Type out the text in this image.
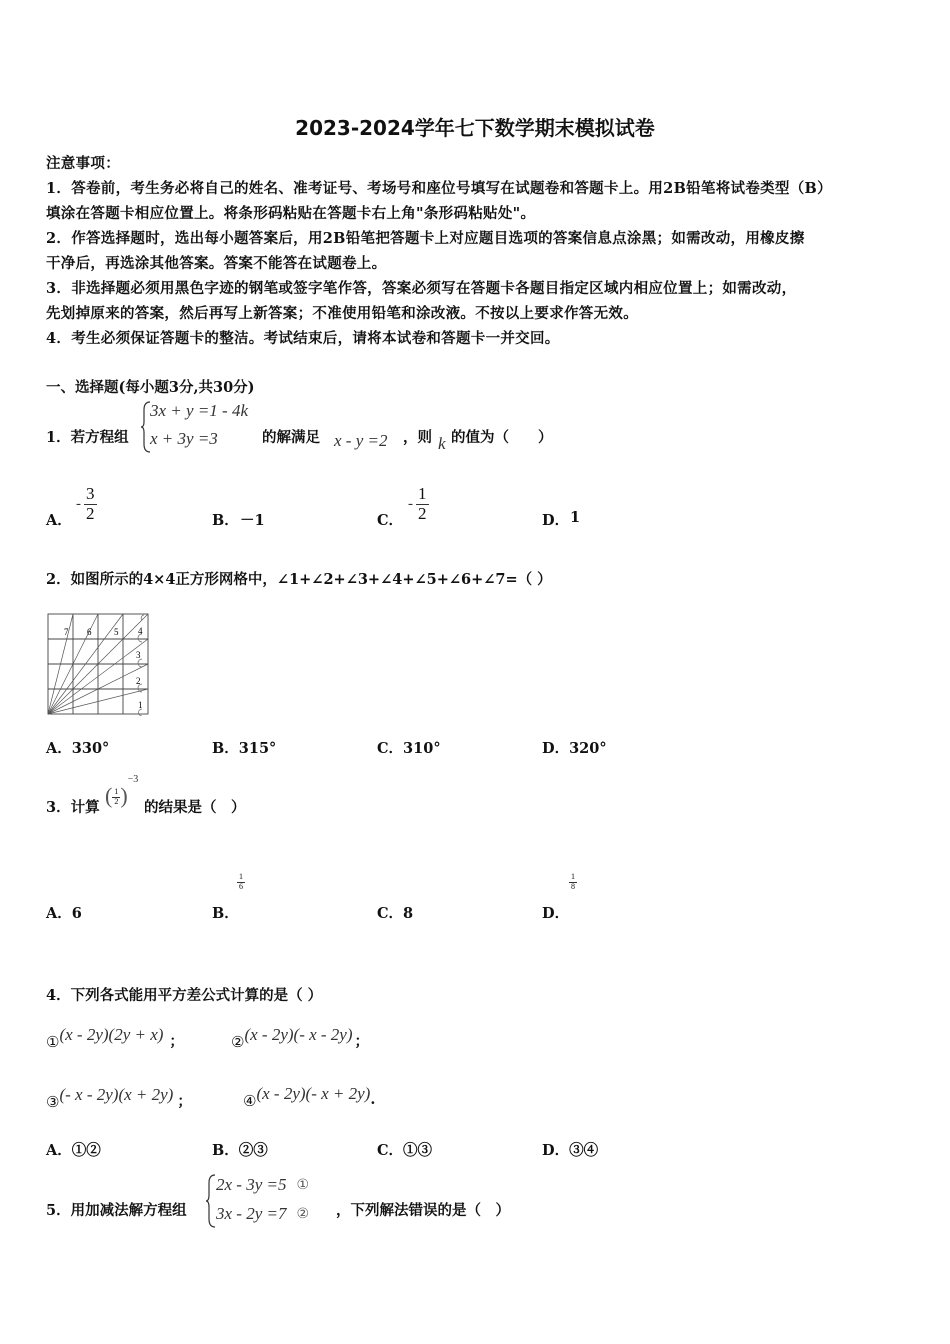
2023-2024学年七下数学期末模拟试卷
注意事项：
1．答卷前，考生务必将自己的姓名、准考证号、考场号和座位号填写在试题卷和答题卡上。用2B铅笔将试卷类型（B）
填涂在答题卡相应位置上。将条形码粘贴在答题卡右上角"条形码粘贴处"。
2．作答选择题时，选出每小题答案后，用2B铅笔把答题卡上对应题目选项的答案信息点涂黑；如需改动，用橡皮擦
干净后，再选涂其他答案。答案不能答在试题卷上。
3．非选择题必须用黑色字迹的钢笔或签字笔作答，答案必须写在答题卡各题目指定区域内相应位置上；如需改动，
先划掉原来的答案，然后再写上新答案；不准使用铅笔和涂改液。不按以上要求作答无效。
4．考生必须保证答题卡的整洁。考试结束后，请将本试卷和答题卡一并交回。
一、选择题(每小题3分,共30分)
1．若方程组
3x + y =1 - 4k
x + 3y =3	的解满足 x - y =2 ，则 k 的值为（　　）
A．
- $\frac{3}{2}$	B． －1	C．
- $\frac{1}{2}$	D． 1
2．如图所示的4×4正方形网格中，∠1+∠2+∠3+∠4+∠5+∠6+∠7=（ ）
1
2
3
4
5
6
7
A．330°	B．315°	C．310°	D．320°
3．计算 ( $\frac{1}{2}$ )
−3
的结果是（　）
A．6	B．
$\frac{1}{6}$
C．8	D．
$\frac{1}{8}$
4．下列各式能用平方差公式计算的是（ ）
① (x - 2y)(2y + x) ；	② (x - 2y)(- x - 2y) ；
③ (- x - 2y)(x + 2y) ；	④ (x - 2y)(- x + 2y) .
A．①②	B．②③	C．①③	D．③④
5．用加减法解方程组
2x - 3y =5 ①
3x - 2y =7 ② ，下列解法错误的是（　）
